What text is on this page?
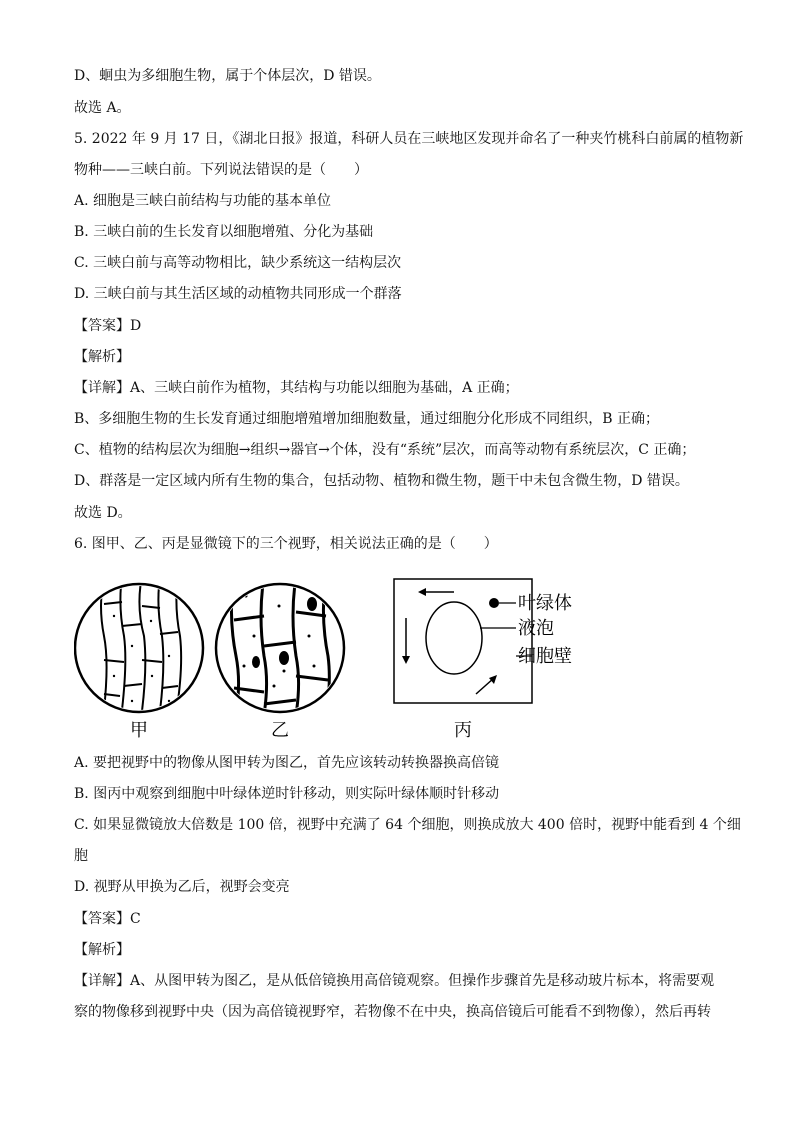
D、蛔虫为多细胞生物，属于个体层次，D 错误。
故选 A。
5. 2022 年 9 月 17 日，《湖北日报》报道，科研人员在三峡地区发现并命名了一种夹竹桃科白前属的植物新
物种——三峡白前。下列说法错误的是（　　）
A. 细胞是三峡白前结构与功能的基本单位
B. 三峡白前的生长发育以细胞增殖、分化为基础
C. 三峡白前与高等动物相比，缺少系统这一结构层次
D. 三峡白前与其生活区域的动植物共同形成一个群落
【答案】D
【解析】
【详解】A、三峡白前作为植物，其结构与功能以细胞为基础，A 正确；
B、多细胞生物的生长发育通过细胞增殖增加细胞数量，通过细胞分化形成不同组织，B 正确；
C、植物的结构层次为细胞→组织→器官→个体，没有“系统”层次，而高等动物有系统层次，C 正确；
D、群落是一定区域内所有生物的集合，包括动物、植物和微生物，题干中未包含微生物，D 错误。
故选 D。
6. 图甲、乙、丙是显微镜下的三个视野，相关说法正确的是（　　）
叶绿体
液泡
细胞壁
甲	乙	丙
A. 要把视野中的物像从图甲转为图乙，首先应该转动转换器换高倍镜
B. 图丙中观察到细胞中叶绿体逆时针移动，则实际叶绿体顺时针移动
C. 如果显微镜放大倍数是 100 倍，视野中充满了 64 个细胞，则换成放大 400 倍时，视野中能看到 4 个细
胞
D. 视野从甲换为乙后，视野会变亮
【答案】C
【解析】
【详解】A、从图甲转为图乙，是从低倍镜换用高倍镜观察。但操作步骤首先是移动玻片标本，将需要观
察的物像移到视野中央（因为高倍镜视野窄，若物像不在中央，换高倍镜后可能看不到物像），然后再转
